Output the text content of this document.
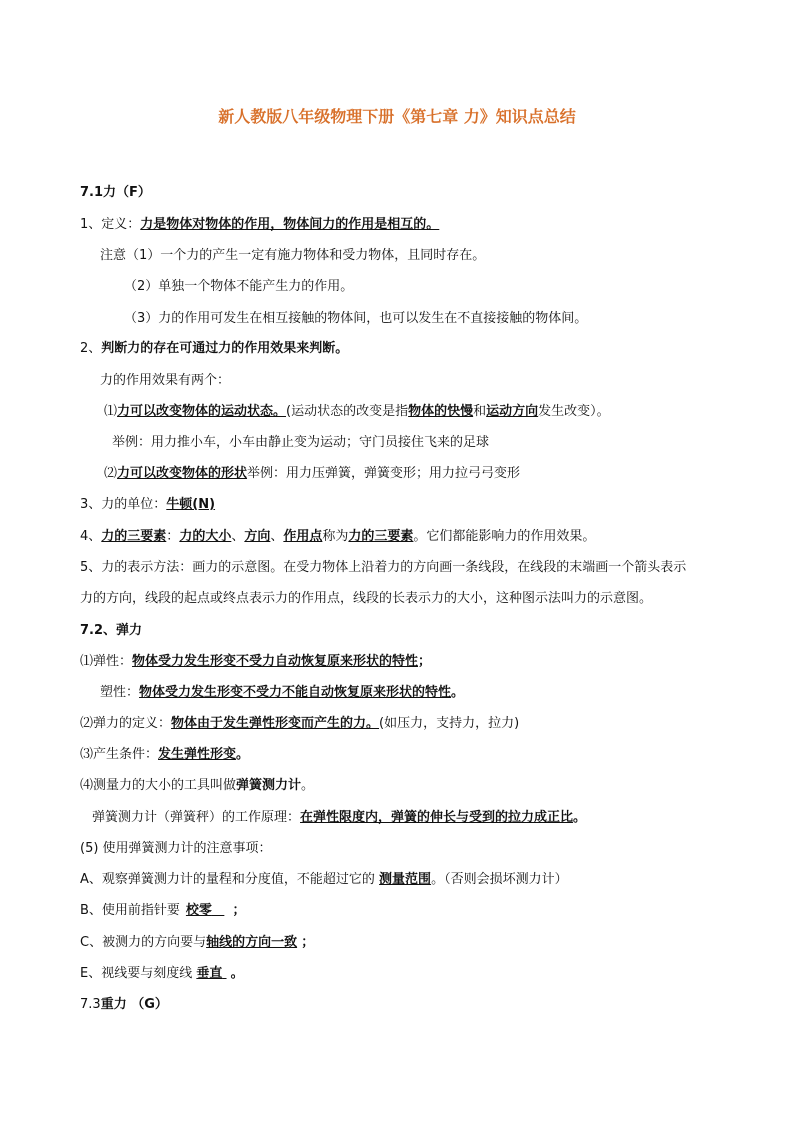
新人教版八年级物理下册《第七章 力》知识点总结
7.1力（F）
1、定义：力是物体对物体的作用，物体间力的作用是相互的。
注意（1）一个力的产生一定有施力物体和受力物体，且同时存在。
（2）单独一个物体不能产生力的作用。
（3）力的作用可发生在相互接触的物体间，也可以发生在不直接接触的物体间。
2、判断力的存在可通过力的作用效果来判断。
力的作用效果有两个：
⑴力可以改变物体的运动状态。(运动状态的改变是指物体的快慢和运动方向发生改变）。
举例：用力推小车，小车由静止变为运动；守门员接住飞来的足球
⑵力可以改变物体的形状举例：用力压弹簧，弹簧变形；用力拉弓弓变形
3、力的单位：牛顿(N)
4、力的三要素：力的大小、方向、作用点称为力的三要素。它们都能影响力的作用效果。
5、力的表示方法：画力的示意图。在受力物体上沿着力的方向画一条线段，在线段的末端画一个箭头表示
力的方向，线段的起点或终点表示力的作用点，线段的长表示力的大小，这种图示法叫力的示意图。
7.2、弹力
⑴弹性：物体受力发生形变不受力自动恢复原来形状的特性；
塑性：物体受力发生形变不受力不能自动恢复原来形状的特性。
⑵弹力的定义：物体由于发生弹性形变而产生的力。(如压力，支持力，拉力)
⑶产生条件：发生弹性形变。
⑷测量力的大小的工具叫做弹簧测力计。
弹簧测力计（弹簧秤）的工作原理：在弹性限度内，弹簧的伸长与受到的拉力成正比。
(5) 使用弹簧测力计的注意事项：
A、观察弹簧测力计的量程和分度值，不能超过它的 测量范围。（否则会损坏测力计）
B、使用前指针要 校零 ；
C、被测力的方向要与轴线的方向一致 ；
E、视线要与刻度线 垂直 。
7.3重力 （G）
